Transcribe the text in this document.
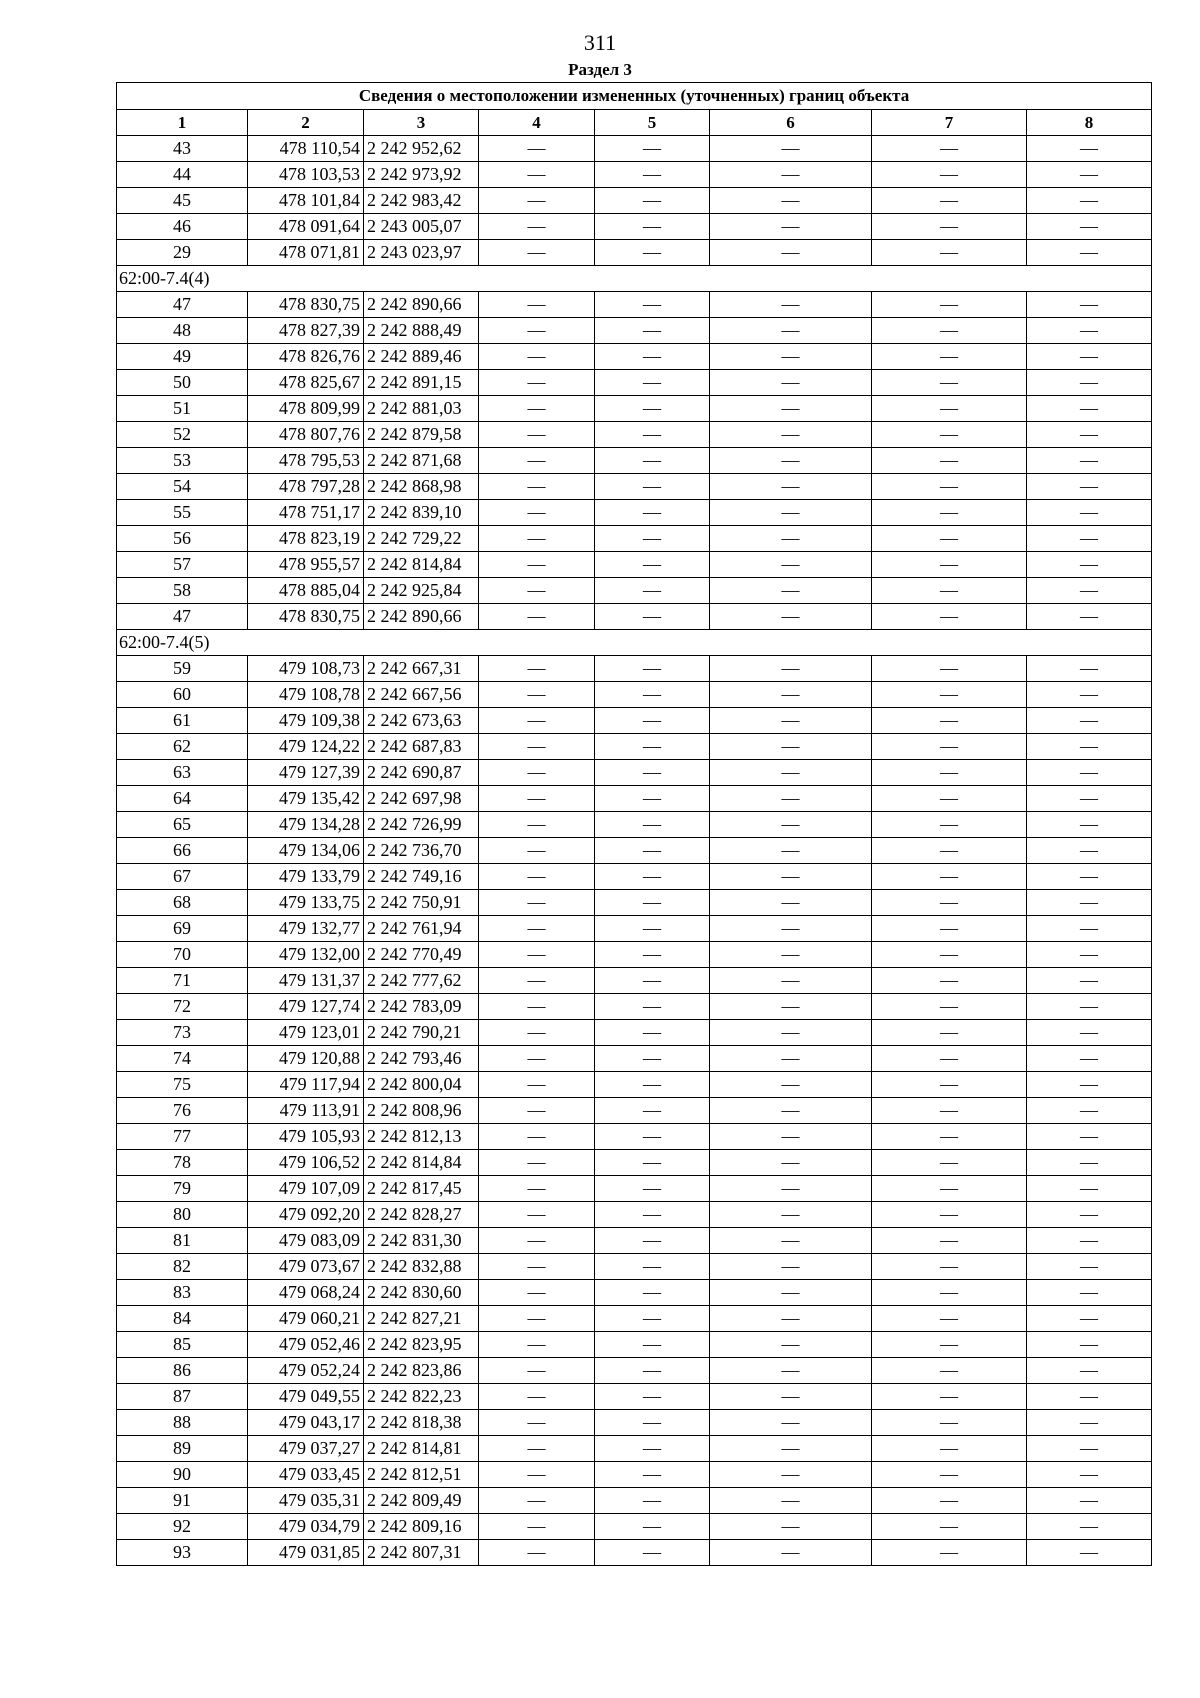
311
Раздел 3
Сведения о местоположении измененных (уточненных) границ объекта							
1	2	3	4	5	6	7	8
43	478 110,54	2 242 952,62	—	—	—	—	—
44	478 103,53	2 242 973,92	—	—	—	—	—
45	478 101,84	2 242 983,42	—	—	—	—	—
46	478 091,64	2 243 005,07	—	—	—	—	—
29	478 071,81	2 243 023,97	—	—	—	—	—
62:00-7.4(4)							
47	478 830,75	2 242 890,66	—	—	—	—	—
48	478 827,39	2 242 888,49	—	—	—	—	—
49	478 826,76	2 242 889,46	—	—	—	—	—
50	478 825,67	2 242 891,15	—	—	—	—	—
51	478 809,99	2 242 881,03	—	—	—	—	—
52	478 807,76	2 242 879,58	—	—	—	—	—
53	478 795,53	2 242 871,68	—	—	—	—	—
54	478 797,28	2 242 868,98	—	—	—	—	—
55	478 751,17	2 242 839,10	—	—	—	—	—
56	478 823,19	2 242 729,22	—	—	—	—	—
57	478 955,57	2 242 814,84	—	—	—	—	—
58	478 885,04	2 242 925,84	—	—	—	—	—
47	478 830,75	2 242 890,66	—	—	—	—	—
62:00-7.4(5)							
59	479 108,73	2 242 667,31	—	—	—	—	—
60	479 108,78	2 242 667,56	—	—	—	—	—
61	479 109,38	2 242 673,63	—	—	—	—	—
62	479 124,22	2 242 687,83	—	—	—	—	—
63	479 127,39	2 242 690,87	—	—	—	—	—
64	479 135,42	2 242 697,98	—	—	—	—	—
65	479 134,28	2 242 726,99	—	—	—	—	—
66	479 134,06	2 242 736,70	—	—	—	—	—
67	479 133,79	2 242 749,16	—	—	—	—	—
68	479 133,75	2 242 750,91	—	—	—	—	—
69	479 132,77	2 242 761,94	—	—	—	—	—
70	479 132,00	2 242 770,49	—	—	—	—	—
71	479 131,37	2 242 777,62	—	—	—	—	—
72	479 127,74	2 242 783,09	—	—	—	—	—
73	479 123,01	2 242 790,21	—	—	—	—	—
74	479 120,88	2 242 793,46	—	—	—	—	—
75	479 117,94	2 242 800,04	—	—	—	—	—
76	479 113,91	2 242 808,96	—	—	—	—	—
77	479 105,93	2 242 812,13	—	—	—	—	—
78	479 106,52	2 242 814,84	—	—	—	—	—
79	479 107,09	2 242 817,45	—	—	—	—	—
80	479 092,20	2 242 828,27	—	—	—	—	—
81	479 083,09	2 242 831,30	—	—	—	—	—
82	479 073,67	2 242 832,88	—	—	—	—	—
83	479 068,24	2 242 830,60	—	—	—	—	—
84	479 060,21	2 242 827,21	—	—	—	—	—
85	479 052,46	2 242 823,95	—	—	—	—	—
86	479 052,24	2 242 823,86	—	—	—	—	—
87	479 049,55	2 242 822,23	—	—	—	—	—
88	479 043,17	2 242 818,38	—	—	—	—	—
89	479 037,27	2 242 814,81	—	—	—	—	—
90	479 033,45	2 242 812,51	—	—	—	—	—
91	479 035,31	2 242 809,49	—	—	—	—	—
92	479 034,79	2 242 809,16	—	—	—	—	—
93	479 031,85	2 242 807,31	—	—	—	—	—
